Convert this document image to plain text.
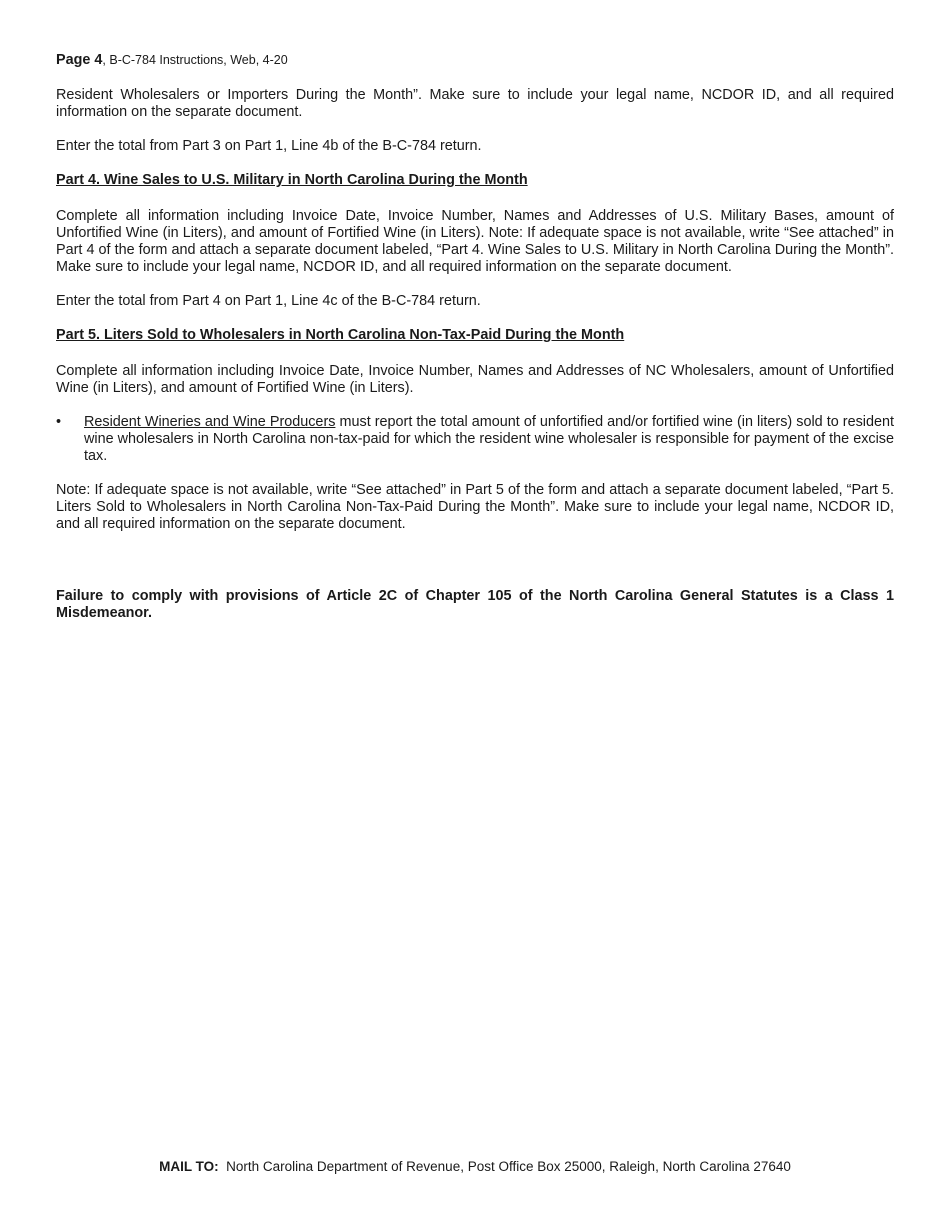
Page 4, B-C-784 Instructions, Web, 4-20

Resident Wholesalers or Importers During the Month”. Make sure to include your legal name, NCDOR ID, and all required information on the separate document.

Enter the total from Part 3 on Part 1, Line 4b of the B-C-784 return.

Part 4. Wine Sales to U.S. Military in North Carolina During the Month

Complete all information including Invoice Date, Invoice Number, Names and Addresses of U.S. Military Bases, amount of Unfortified Wine (in Liters), and amount of Fortified Wine (in Liters). Note: If adequate space is not available, write “See attached” in Part 4 of the form and attach a separate document labeled, “Part 4. Wine Sales to U.S. Military in North Carolina During the Month”. Make sure to include your legal name, NCDOR ID, and all required information on the separate document.

Enter the total from Part 4 on Part 1, Line 4c of the B-C-784 return.

Part 5. Liters Sold to Wholesalers in North Carolina Non-Tax-Paid During the Month

Complete all information including Invoice Date, Invoice Number, Names and Addresses of NC Wholesalers, amount of Unfortified Wine (in Liters), and amount of Fortified Wine (in Liters).

• Resident Wineries and Wine Producers must report the total amount of unfortified and/or fortified wine (in liters) sold to resident wine wholesalers in North Carolina non-tax-paid for which the resident wine wholesaler is responsible for payment of the excise tax.

Note: If adequate space is not available, write “See attached” in Part 5 of the form and attach a separate document labeled, “Part 5. Liters Sold to Wholesalers in North Carolina Non-Tax-Paid During the Month”. Make sure to include your legal name, NCDOR ID, and all required information on the separate document.

Failure to comply with provisions of Article 2C of Chapter 105 of the North Carolina General Statutes is a Class 1 Misdemeanor.

MAIL TO:  North Carolina Department of Revenue, Post Office Box 25000, Raleigh, North Carolina 27640
